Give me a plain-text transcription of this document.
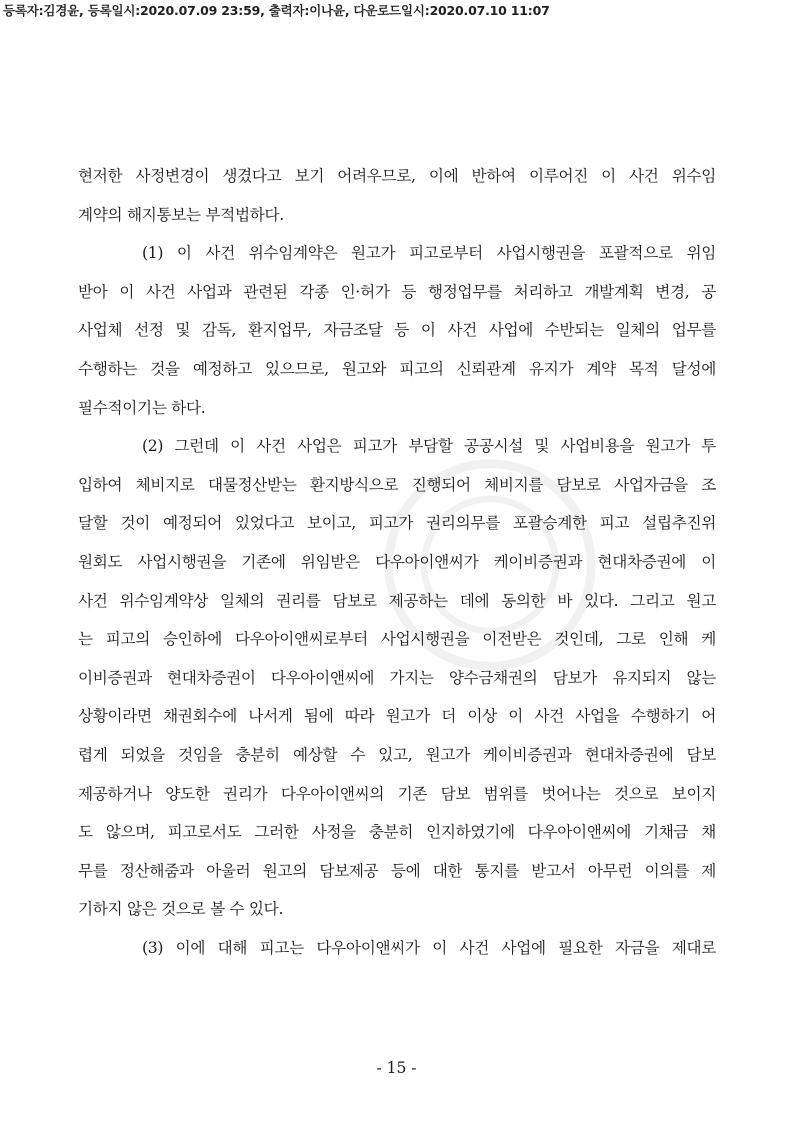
등록자:김경윤, 등록일시:2020.07.09 23:59, 출력자:이나윤, 다운로드일시:2020.07.10 11:07
현저한 사정변경이 생겼다고 보기 어려우므로, 이에 반하여 이루어진 이 사건 위수임
계약의 해지통보는 부적법하다.
(1) 이 사건 위수임계약은 원고가 피고로부터 사업시행권을 포괄적으로 위임
받아 이 사건 사업과 관련된 각종 인·허가 등 행정업무를 처리하고 개발계획 변경, 공
사업체 선정 및 감독, 환지업무, 자금조달 등 이 사건 사업에 수반되는 일체의 업무를
수행하는 것을 예정하고 있으므로, 원고와 피고의 신뢰관계 유지가 계약 목적 달성에
필수적이기는 하다.
(2) 그런데 이 사건 사업은 피고가 부담할 공공시설 및 사업비용을 원고가 투
입하여 체비지로 대물정산받는 환지방식으로 진행되어 체비지를 담보로 사업자금을 조
달할 것이 예정되어 있었다고 보이고, 피고가 권리의무를 포괄승계한 피고 설립추진위
원회도 사업시행권을 기존에 위임받은 다우아이앤씨가 케이비증권과 현대차증권에 이
사건 위수임계약상 일체의 권리를 담보로 제공하는 데에 동의한 바 있다. 그리고 원고
는 피고의 승인하에 다우아이앤씨로부터 사업시행권을 이전받은 것인데, 그로 인해 케
이비증권과 현대차증권이 다우아이앤씨에 가지는 양수금채권의 담보가 유지되지 않는
상황이라면 채권회수에 나서게 됨에 따라 원고가 더 이상 이 사건 사업을 수행하기 어
렵게 되었을 것임을 충분히 예상할 수 있고, 원고가 케이비증권과 현대차증권에 담보
제공하거나 양도한 권리가 다우아이앤씨의 기존 담보 범위를 벗어나는 것으로 보이지
도 않으며, 피고로서도 그러한 사정을 충분히 인지하였기에 다우아이앤씨에 기채금 채
무를 정산해줌과 아울러 원고의 담보제공 등에 대한 통지를 받고서 아무런 이의를 제
기하지 않은 것으로 볼 수 있다.
(3) 이에 대해 피고는 다우아이앤씨가 이 사건 사업에 필요한 자금을 제대로
- 15 -
